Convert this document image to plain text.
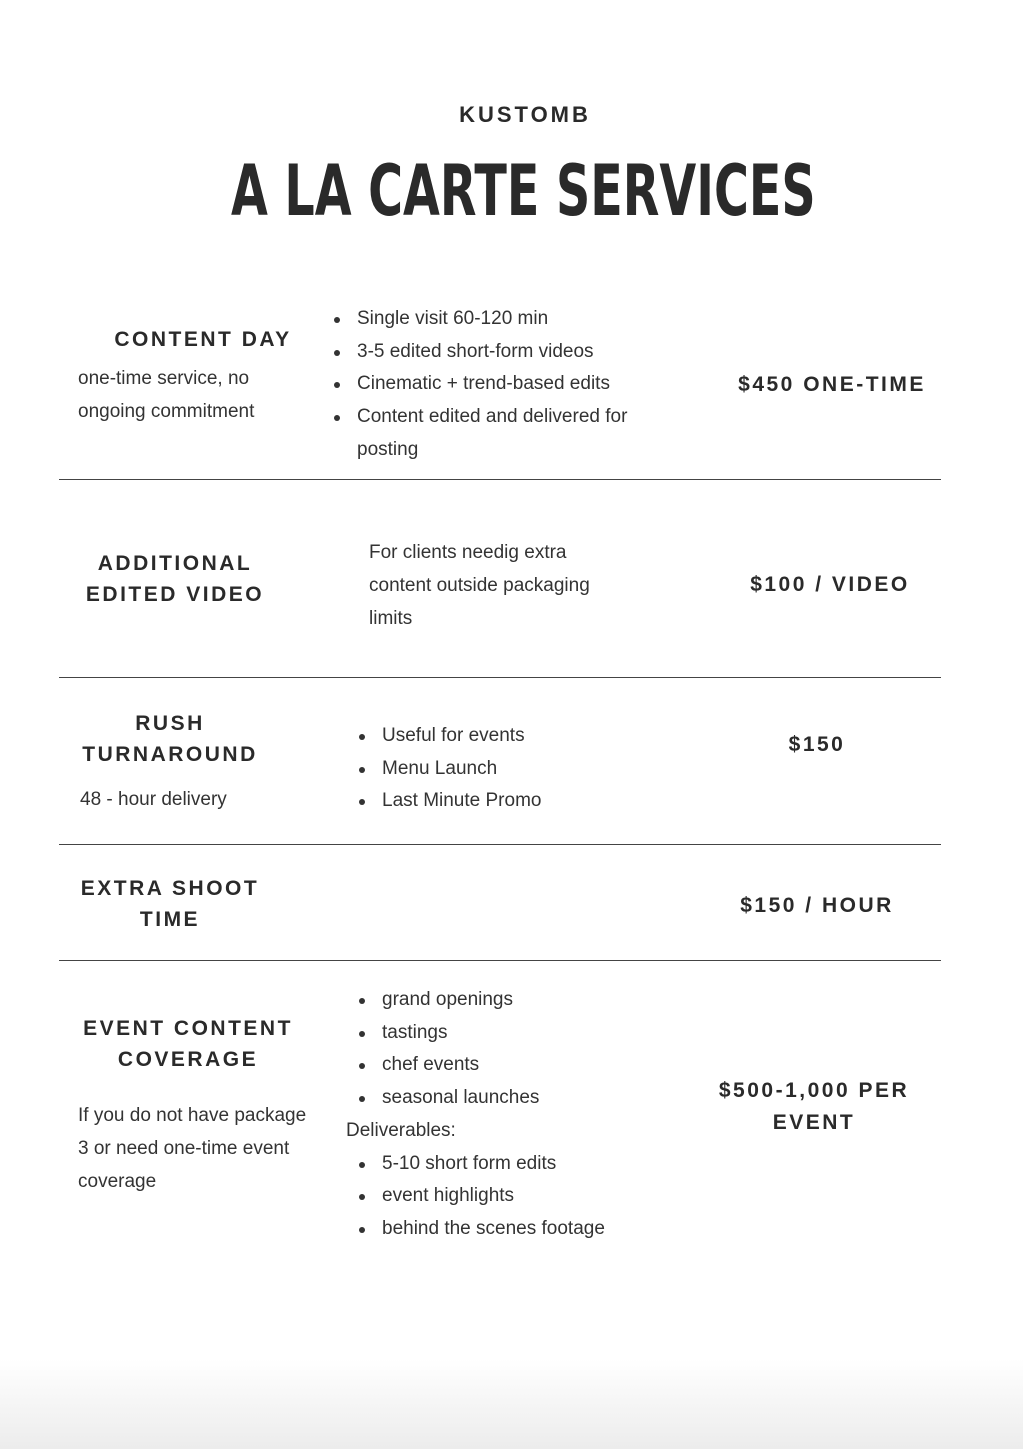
KUSTOMB
A LA CARTE SERVICES
CONTENT DAY
one-time service, no ongoing commitment
Single visit 60-120 min
3-5 edited short-form videos
Cinematic + trend-based edits
Content edited and delivered for posting
$450 ONE-TIME
ADDITIONAL EDITED VIDEO
For clients needig extra content outside packaging limits
$100 / VIDEO
RUSH TURNAROUND
48 - hour delivery
Useful for events
Menu Launch
Last Minute Promo
$150
EXTRA SHOOT TIME
$150 / HOUR
EVENT CONTENT COVERAGE
If you do not have package 3 or need one-time event coverage
grand openings
tastings
chef events
seasonal launches

Deliverables:

5-10 short form edits
event highlights
behind the scenes footage
$500-1,000 PER EVENT
